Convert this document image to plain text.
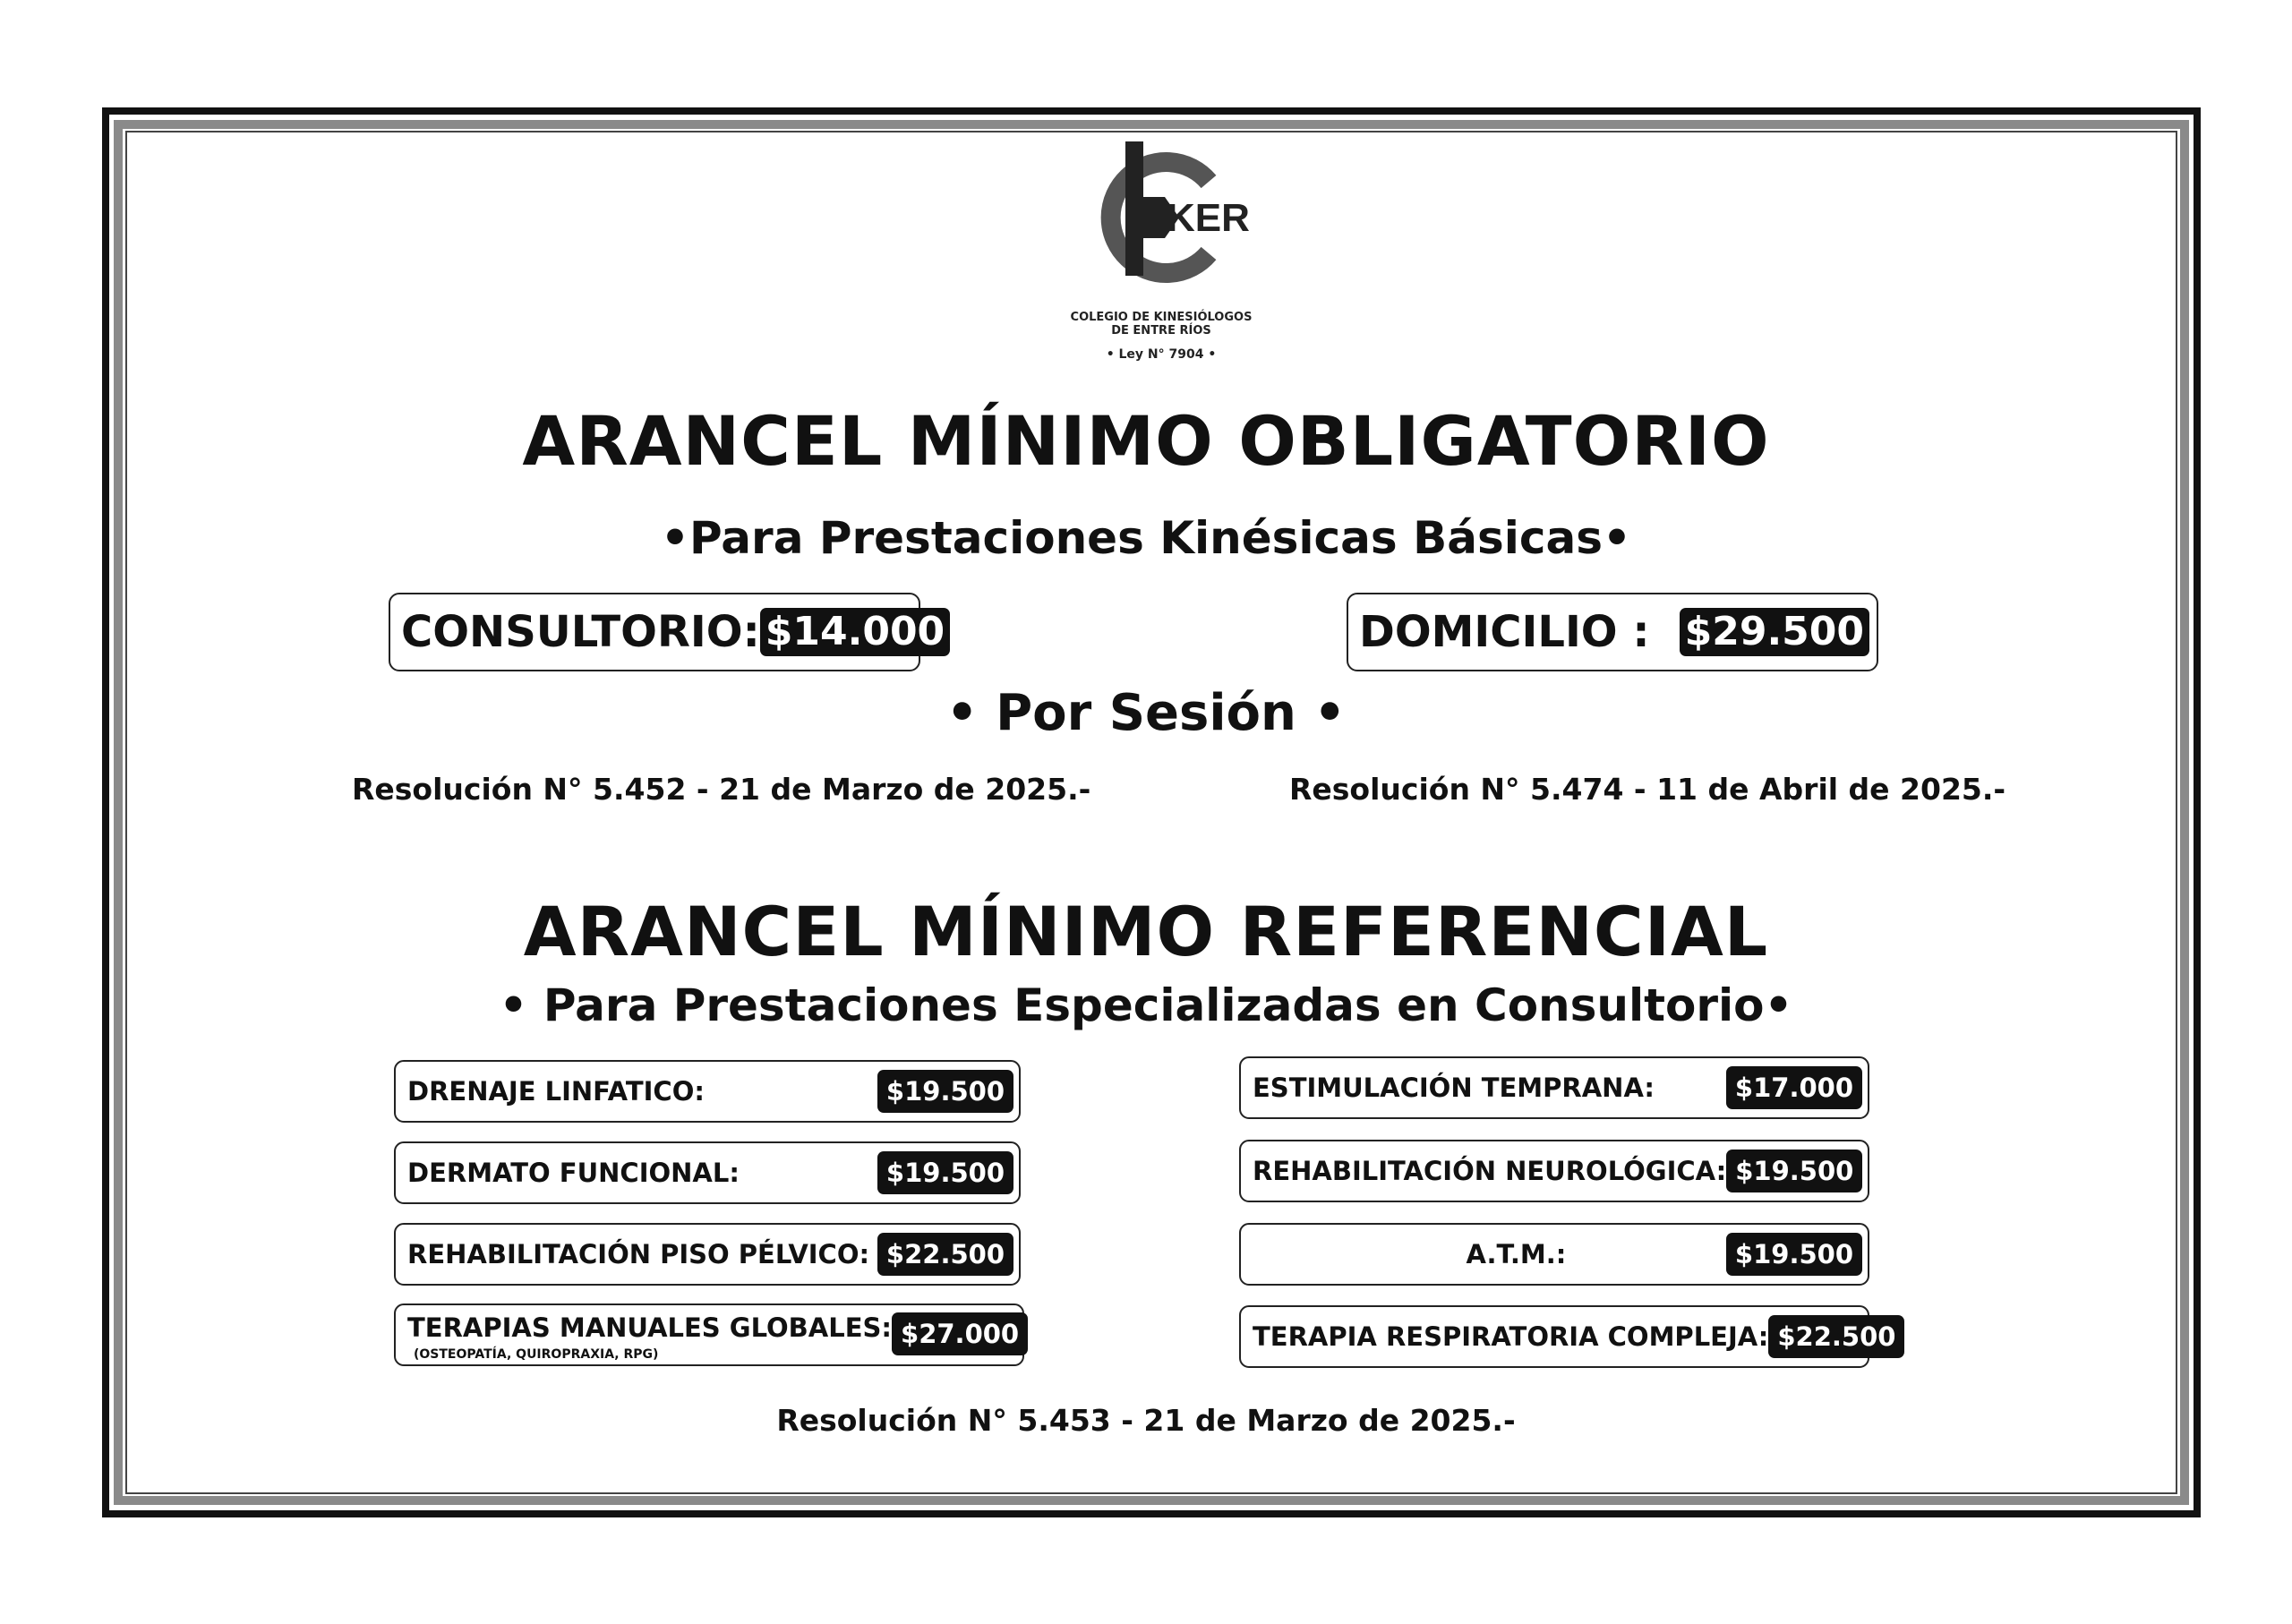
KER
COLEGIO DE KINESIÓLOGOS
DE ENTRE RÍOS
• Ley N° 7904 •
ARANCEL MÍNIMO OBLIGATORIO
•Para Prestaciones Kinésicas Básicas•
CONSULTORIO: $14.000	DOMICILIO : $29.500
• Por Sesión •
Resolución N° 5.452 - 21 de Marzo de 2025.-	Resolución N° 5.474 - 11 de Abril de 2025.-
ARANCEL MÍNIMO REFERENCIAL
• Para Prestaciones Especializadas en Consultorio•
DRENAJE LINFATICO:	$19.500
DERMATO FUNCIONAL:	$19.500
REHABILITACIÓN PISO PÉLVICO: $22.500
TERAPIAS MANUALES GLOBALES: $27.000
(OSTEOPATÍA, QUIROPRAXIA, RPG)
ESTIMULACIÓN TEMPRANA:	$17.000
REHABILITACIÓN NEUROLÓGICA: $19.500
A.T.M.:	$19.500
TERAPIA RESPIRATORIA COMPLEJA: $22.500
Resolución N° 5.453 - 21 de Marzo de 2025.-
